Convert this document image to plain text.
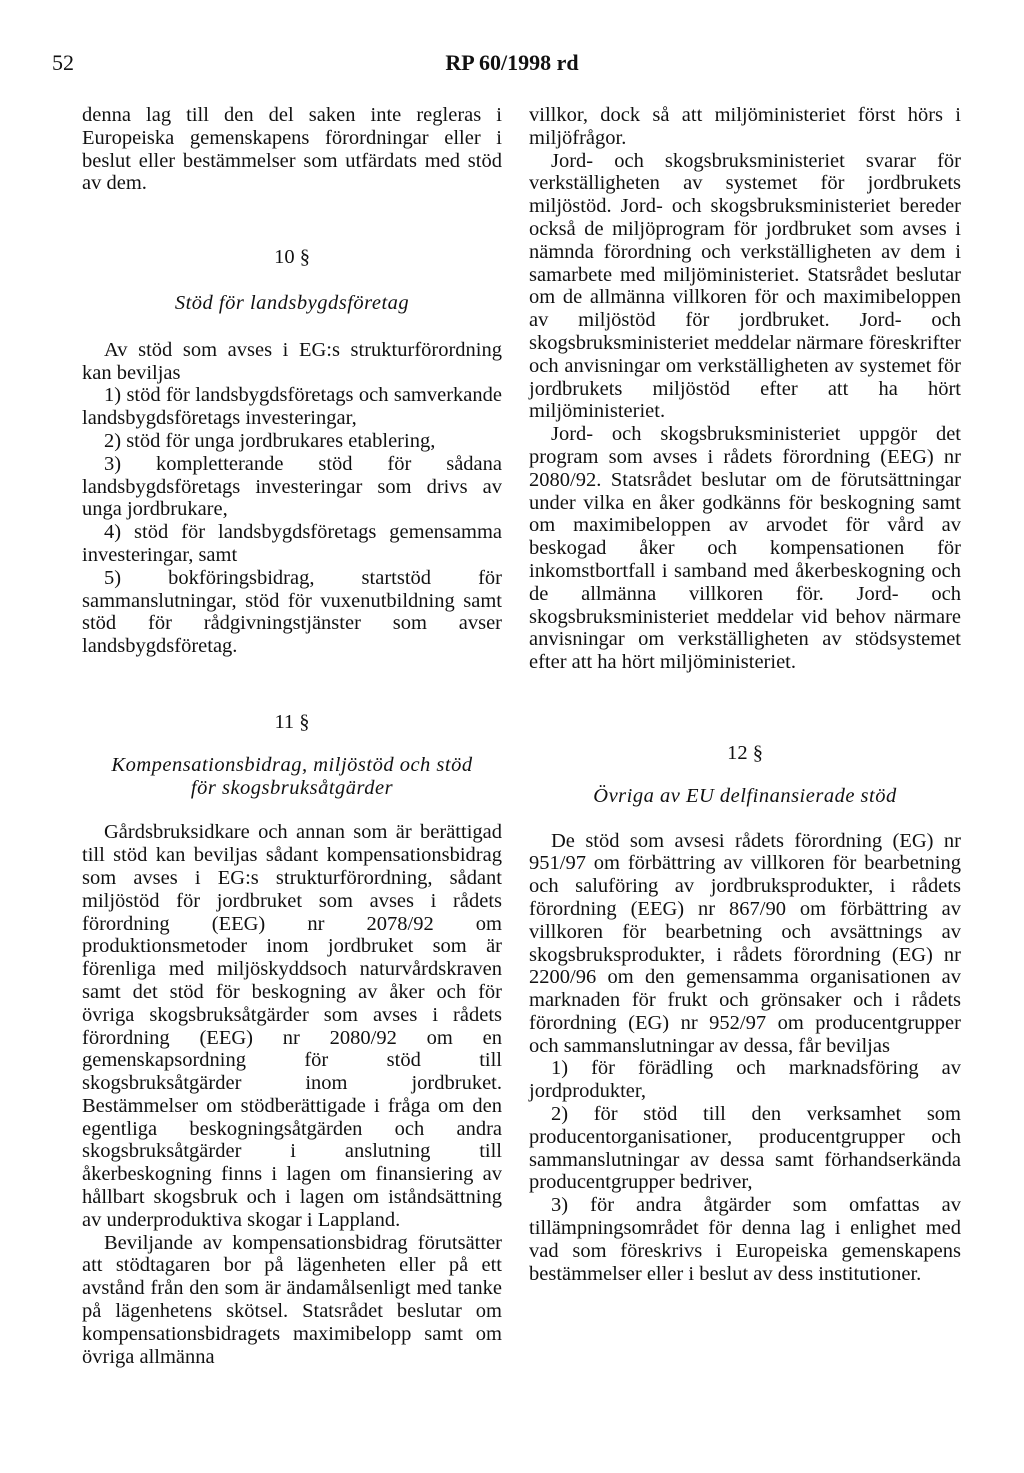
52	RP 60/1998 rd

denna lag till den del saken inte regleras i Europeiska gemenskapens förordningar eller i beslut eller bestämmelser som utfärdats med stöd av dem.

10 §

Stöd för landsbygdsföretag

Av stöd som avses i EG:s strukturförordning kan beviljas

1) stöd för landsbygdsföretags och samverkande landsbygdsföretags investeringar,

2) stöd för unga jordbrukares etablering,

3) kompletterande stöd för sådana landsbygdsföretags investeringar som drivs av unga jordbrukare,

4) stöd för landsbygdsföretags gemensamma investeringar, samt

5) bokföringsbidrag, startstöd för sammanslutningar, stöd för vuxenutbildning samt stöd för rådgivningstjänster som avser landsbygdsföretag.

11 §

Kompensationsbidrag, miljöstöd och stöd

för skogsbruksåtgärder

Gårdsbruksidkare och annan som är berättigad till stöd kan beviljas sådant kompensationsbidrag som avses i EG:s strukturförordning, sådant miljöstöd för jordbruket som avses i rådets förordning (EEG) nr 2078/92 om produktionsmetoder inom jordbruket som är förenliga med miljöskyddsoch naturvårdskraven samt det stöd för beskogning av åker och för övriga skogsbruksåtgärder som avses i rådets förordning (EEG) nr 2080/92 om en gemenskapsordning för stöd till skogsbruksåtgärder inom jordbruket. Bestämmelser om stödberättigade i fråga om den egentliga beskogningsåtgärden och andra skogsbruksåtgärder i anslutning till åkerbeskogning finns i lagen om finansiering av hållbart skogsbruk och i lagen om iståndsättning av underproduktiva skogar i Lappland.

Beviljande av kompensationsbidrag förutsätter att stödtagaren bor på lägenheten eller på ett avstånd från den som är ändamålsenligt med tanke på lägenhetens skötsel. Statsrådet beslutar om kompensationsbidragets maximibelopp samt om övriga allmänna

villkor, dock så att miljöministeriet först hörs i miljöfrågor.

Jord- och skogsbruksministeriet svarar för verkställigheten av systemet för jordbrukets miljöstöd. Jord- och skogsbruksministeriet bereder också de miljöprogram för jordbruket som avses i nämnda förordning och verkställigheten av dem i samarbete med miljöministeriet. Statsrådet beslutar om de allmänna villkoren för och maximibeloppen av miljöstöd för jordbruket. Jord- och skogsbruksministeriet meddelar närmare föreskrifter och anvisningar om verkställigheten av systemet för jordbrukets miljöstöd efter att ha hört miljöministeriet.

Jord- och skogsbruksministeriet uppgör det program som avses i rådets förordning (EEG) nr 2080/92. Statsrådet beslutar om de förutsättningar under vilka en åker godkänns för beskogning samt om maximibeloppen av arvodet för vård av beskogad åker och kompensationen för inkomstbortfall i samband med åkerbeskogning och de allmänna villkoren för. Jord- och skogsbruksministeriet meddelar vid behov närmare anvisningar om verkställigheten av stödsystemet efter att ha hört miljöministeriet.

12 §

Övriga av EU delfinansierade stöd

De stöd som avsesi rådets förordning (EG) nr 951/97 om förbättring av villkoren för bearbetning och saluföring av jordbruksprodukter, i rådets förordning (EEG) nr 867/90 om förbättring av villkoren för bearbetning och avsättnings av skogsbruksprodukter, i rådets förordning (EG) nr 2200/96 om den gemensamma organisationen av marknaden för frukt och grönsaker och i rådets förordning (EG) nr 952/97 om producentgrupper och sammanslutningar av dessa, får beviljas

1) för förädling och marknadsföring av jordprodukter,

2) för stöd till den verksamhet som producentorganisationer, producentgrupper och sammanslutningar av dessa samt förhandserkända producentgrupper bedriver,

3) för andra åtgärder som omfattas av tillämpningsområdet för denna lag i enlighet med vad som föreskrivs i Europeiska gemenskapens bestämmelser eller i beslut av dess institutioner.
